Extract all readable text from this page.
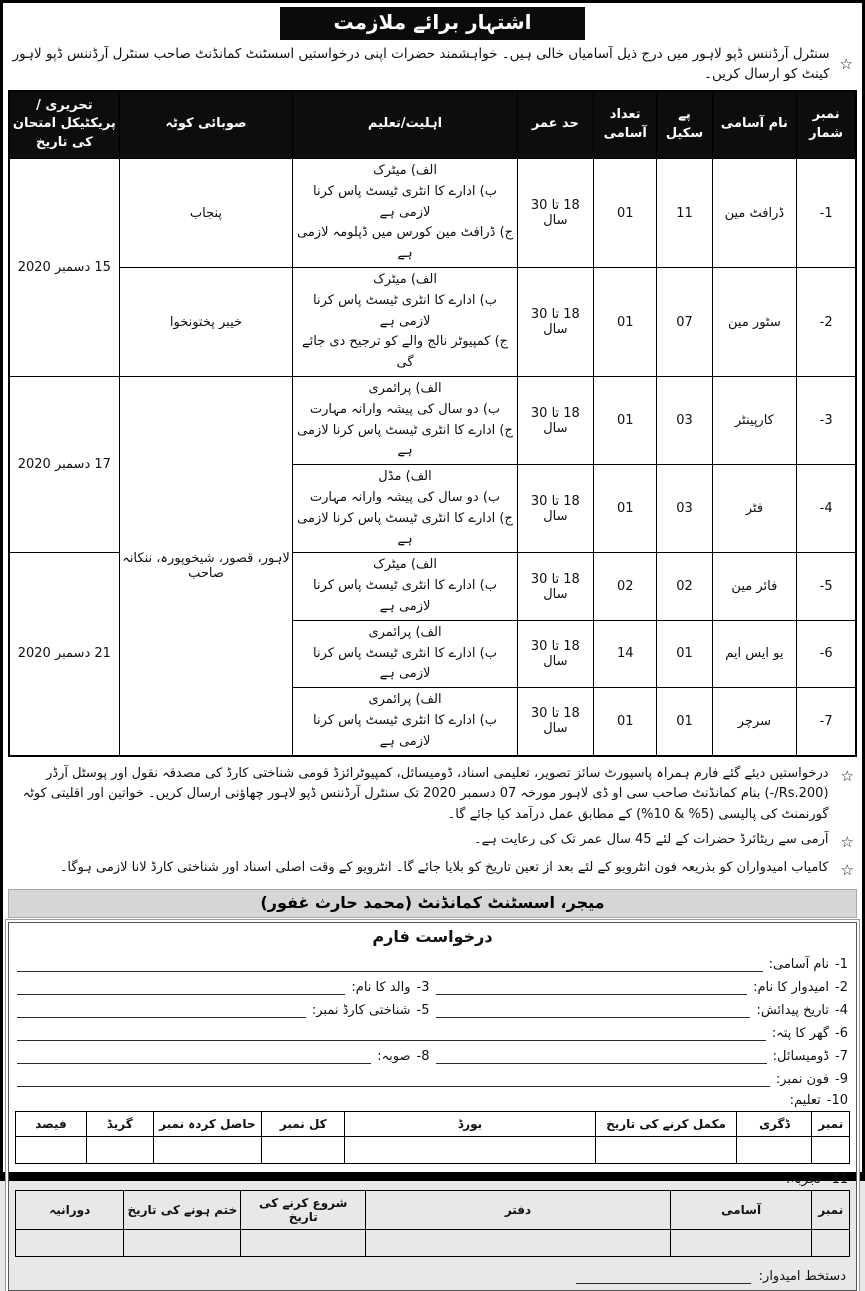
اشتہار برائے ملازمت
☆
سنٹرل آرڈننس ڈپو لاہور میں درج ذیل آسامیاں خالی ہیں۔ خواہشمند حضرات اپنی درخواستیں اسسٹنٹ کمانڈنٹ صاحب سنٹرل آرڈننس ڈپو لاہور کینٹ کو ارسال کریں۔
نمبر شمار	نام آسامی	پے سکیل	تعداد آسامی	حد عمر	اہلیت/تعلیم	صوبائی کوٹہ	تحریری / پریکٹیکل امتحان کی تاریخ
-1	ڈرافٹ مین	11	01	18 تا 30 سال	الف) میٹرک
ب) ادارے کا انٹری ٹیسٹ پاس کرنا لازمی ہے
ج) ڈرافٹ مین کورس میں ڈپلومہ لازمی ہے	پنجاب	15 دسمبر 2020
-2	سٹور مین	07	01	18 تا 30 سال	الف) میٹرک
ب) ادارے کا انٹری ٹیسٹ پاس کرنا لازمی ہے
ج) کمپیوٹر نالج والے کو ترجیح دی جائے گی	خیبر پختونخوا	
-3	کارپینٹر	03	01	18 تا 30 سال	الف) پرائمری
ب) دو سال کی پیشہ وارانہ مہارت
ج) ادارے کا انٹری ٹیسٹ پاس کرنا لازمی ہے	لاہور، قصور، شیخوپورہ، ننکانہ صاحب	17 دسمبر 2020
-4	فٹر	03	01	18 تا 30 سال	الف) مڈل
ب) دو سال کی پیشہ وارانہ مہارت
ج) ادارے کا انٹری ٹیسٹ پاس کرنا لازمی ہے		

-5	فائر مین	02	02	18 تا 30 سال	الف) میٹرک
ب) ادارے کا انٹری ٹیسٹ پاس کرنا لازمی ہے		21 دسمبر 2020
-6	یو ایس ایم	01	14	18 تا 30 سال	الف) پرائمری
ب) ادارے کا انٹری ٹیسٹ پاس کرنا لازمی ہے		

-7	سرچر	01	01	18 تا 30 سال	الف) پرائمری
ب) ادارے کا انٹری ٹیسٹ پاس کرنا لازمی ہے		
☆
درخواستیں دیئے گئے فارم ہمراہ پاسپورٹ سائز تصویر، تعلیمی اسناد، ڈومیسائل، کمپیوٹرائزڈ قومی شناختی کارڈ کی مصدقہ نقول اور پوسٹل آرڈر (Rs.200/-) بنام کمانڈنٹ صاحب سی او ڈی لاہور مورخہ 07 دسمبر 2020 تک سنٹرل آرڈننس ڈپو لاہور چھاؤنی ارسال کریں۔ خواتین اور اقلیتی کوٹہ گورنمنٹ کی پالیسی (5% & 10%) کے مطابق عمل درآمد کیا جائے گا۔
☆
آرمی سے ریٹائرڈ حضرات کے لئے 45 سال عمر تک کی رعایت ہے۔
☆
کامیاب امیدواران کو بذریعہ فون انٹرویو کے لئے بعد از تعین تاریخ کو بلایا جائے گا۔ انٹرویو کے وقت اصلی اسناد اور شناختی کارڈ لانا لازمی ہوگا۔
میجر، اسسٹنٹ کمانڈنٹ (محمد حارث غفور)
درخواست فارم
-1
نام آسامی:
-2
امیدوار کا نام:
-3
والد کا نام:
-4
تاریخ پیدائش:
-5
شناختی کارڈ نمبر:
-6
گھر کا پتہ:
-7
ڈومیسائل:
-8
صوبہ:
-9
فون نمبر:
-10
تعلیم:
نمبر	ڈگری	مکمل کرنے کی تاریخ	بورڈ	کل نمبر	حاصل کردہ نمبر	گریڈ	فیصد

-11
تجربہ:
نمبر	آسامی	دفتر	شروع کرنے کی تاریخ	ختم ہونے کی تاریخ	دورانیہ

دستخط امیدوار:
